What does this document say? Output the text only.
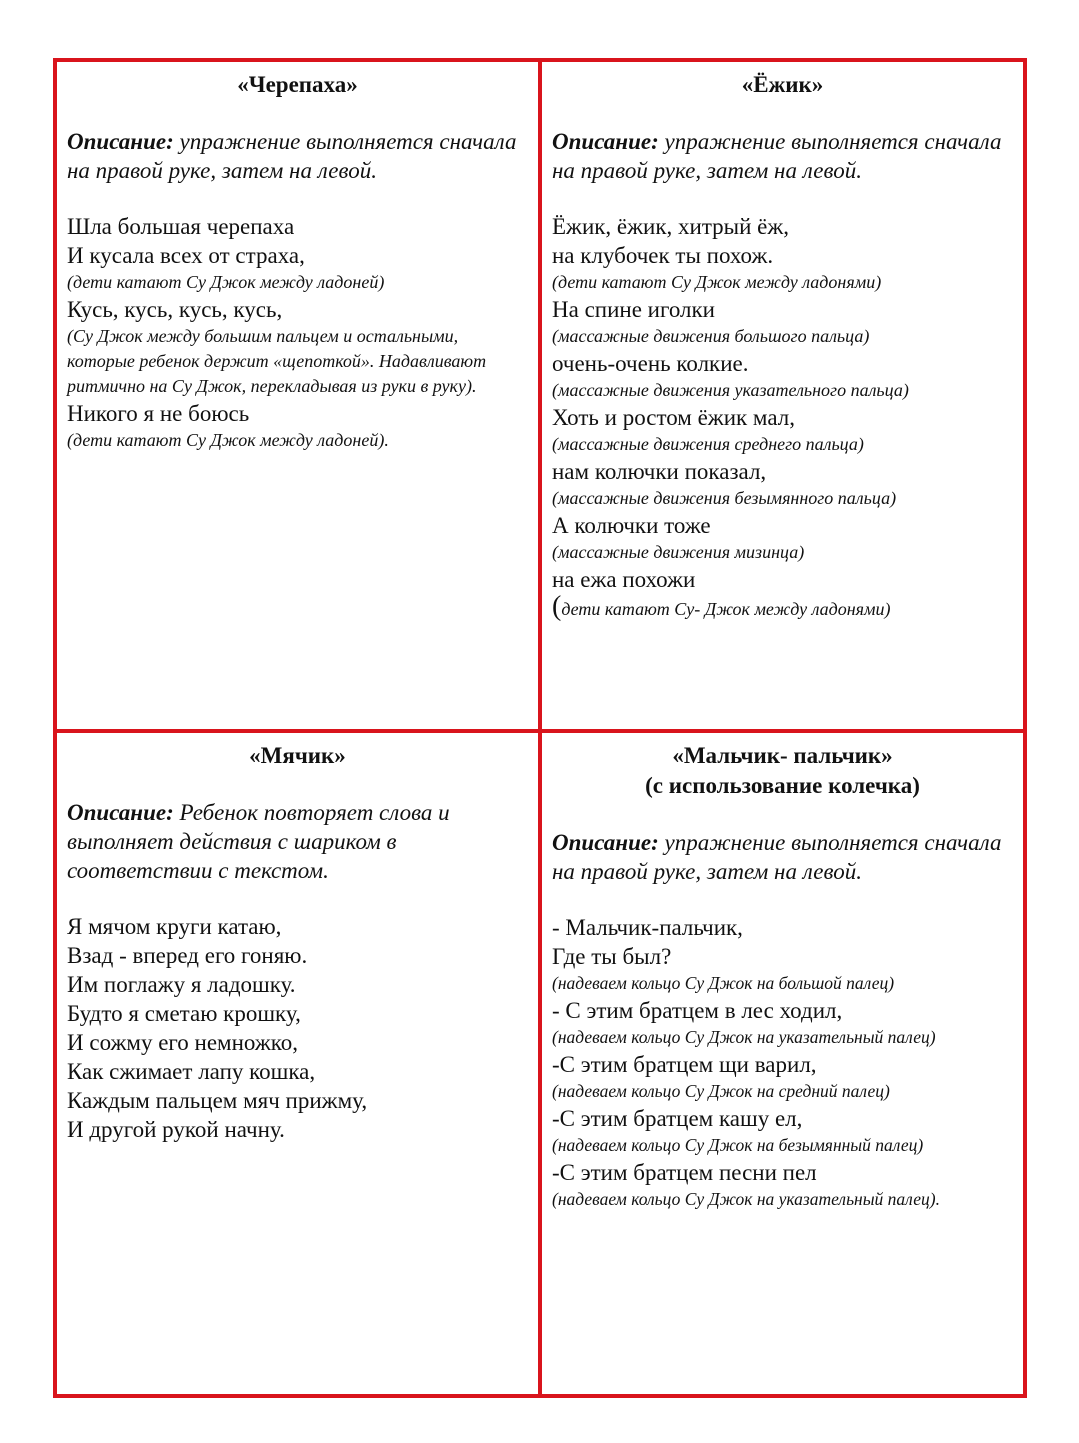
«Черепаха»
Описание: упражнение выполняется сначала на правой руке, затем на левой.
Шла большая черепаха
И кусала всех от страха,
(дети катают Су Джок между ладоней)
Кусь, кусь, кусь, кусь,
(Су Джок между большим пальцем и остальными, которые ребенок держит «щепоткой». Надавливают ритмично на Су Джок, перекладывая из руки в руку).
Никого я не боюсь
(дети катают Су Джок между ладоней).
«Ёжик»
Описание: упражнение выполняется сначала на правой руке, затем на левой.
Ёжик, ёжик, хитрый ёж,
на клубочек ты похож.
(дети катают Су Джок между ладонями)
На спине иголки
(массажные движения большого пальца)
очень-очень колкие.
(массажные движения указательного пальца)
Хоть и ростом ёжик мал,
(массажные движения среднего пальца)
нам колючки показал,
(массажные движения безымянного пальца)
А колючки тоже
(массажные движения мизинца)
на ежа похожи
(дети катают Су- Джок между ладонями)
«Мячик»
Описание: Ребенок повторяет слова и выполняет действия с шариком в соответствии с текстом.
Я мячом круги катаю,
Взад - вперед его гоняю.
Им поглажу я ладошку.
Будто я сметаю крошку,
И сожму его немножко,
Как сжимает лапу кошка,
Каждым пальцем мяч прижму,
И другой рукой начну.
«Мальчик- пальчик»
(с использование колечка)
Описание: упражнение выполняется сначала на правой руке, затем на левой.
- Мальчик-пальчик,
Где ты был?
(надеваем кольцо Су Джок на большой палец)
- С этим братцем в лес ходил,
(надеваем кольцо Су Джок на указательный палец)
-С этим братцем щи варил,
(надеваем кольцо Су Джок на средний палец)
-С этим братцем кашу ел,
(надеваем кольцо Су Джок на безымянный палец)
-С этим братцем песни пел
(надеваем кольцо Су Джок на указательный палец).
